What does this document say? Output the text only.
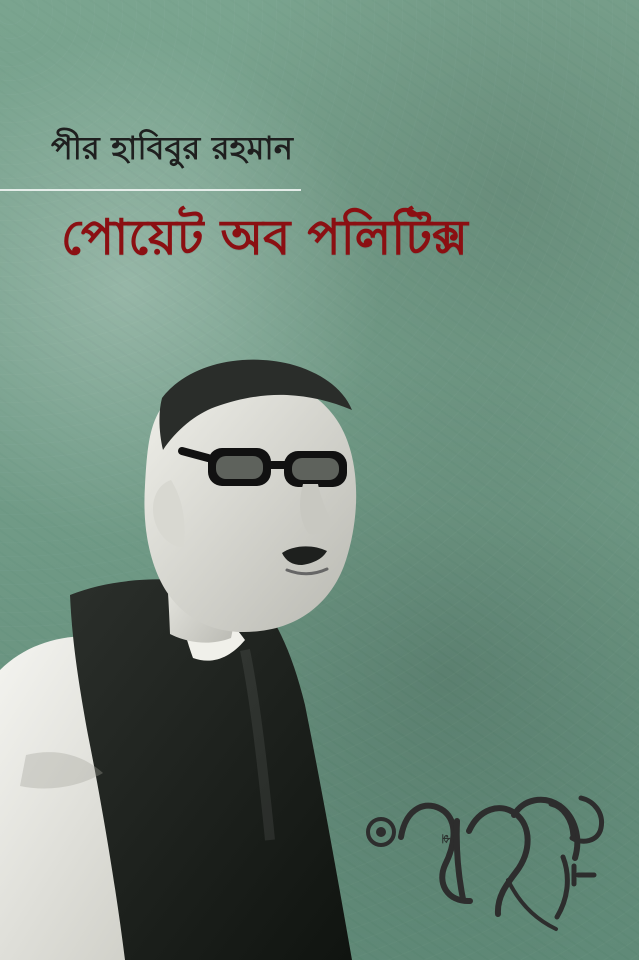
পীর হাবিবুর রহমান
পোয়েট অব পলিটিক্স
ক
